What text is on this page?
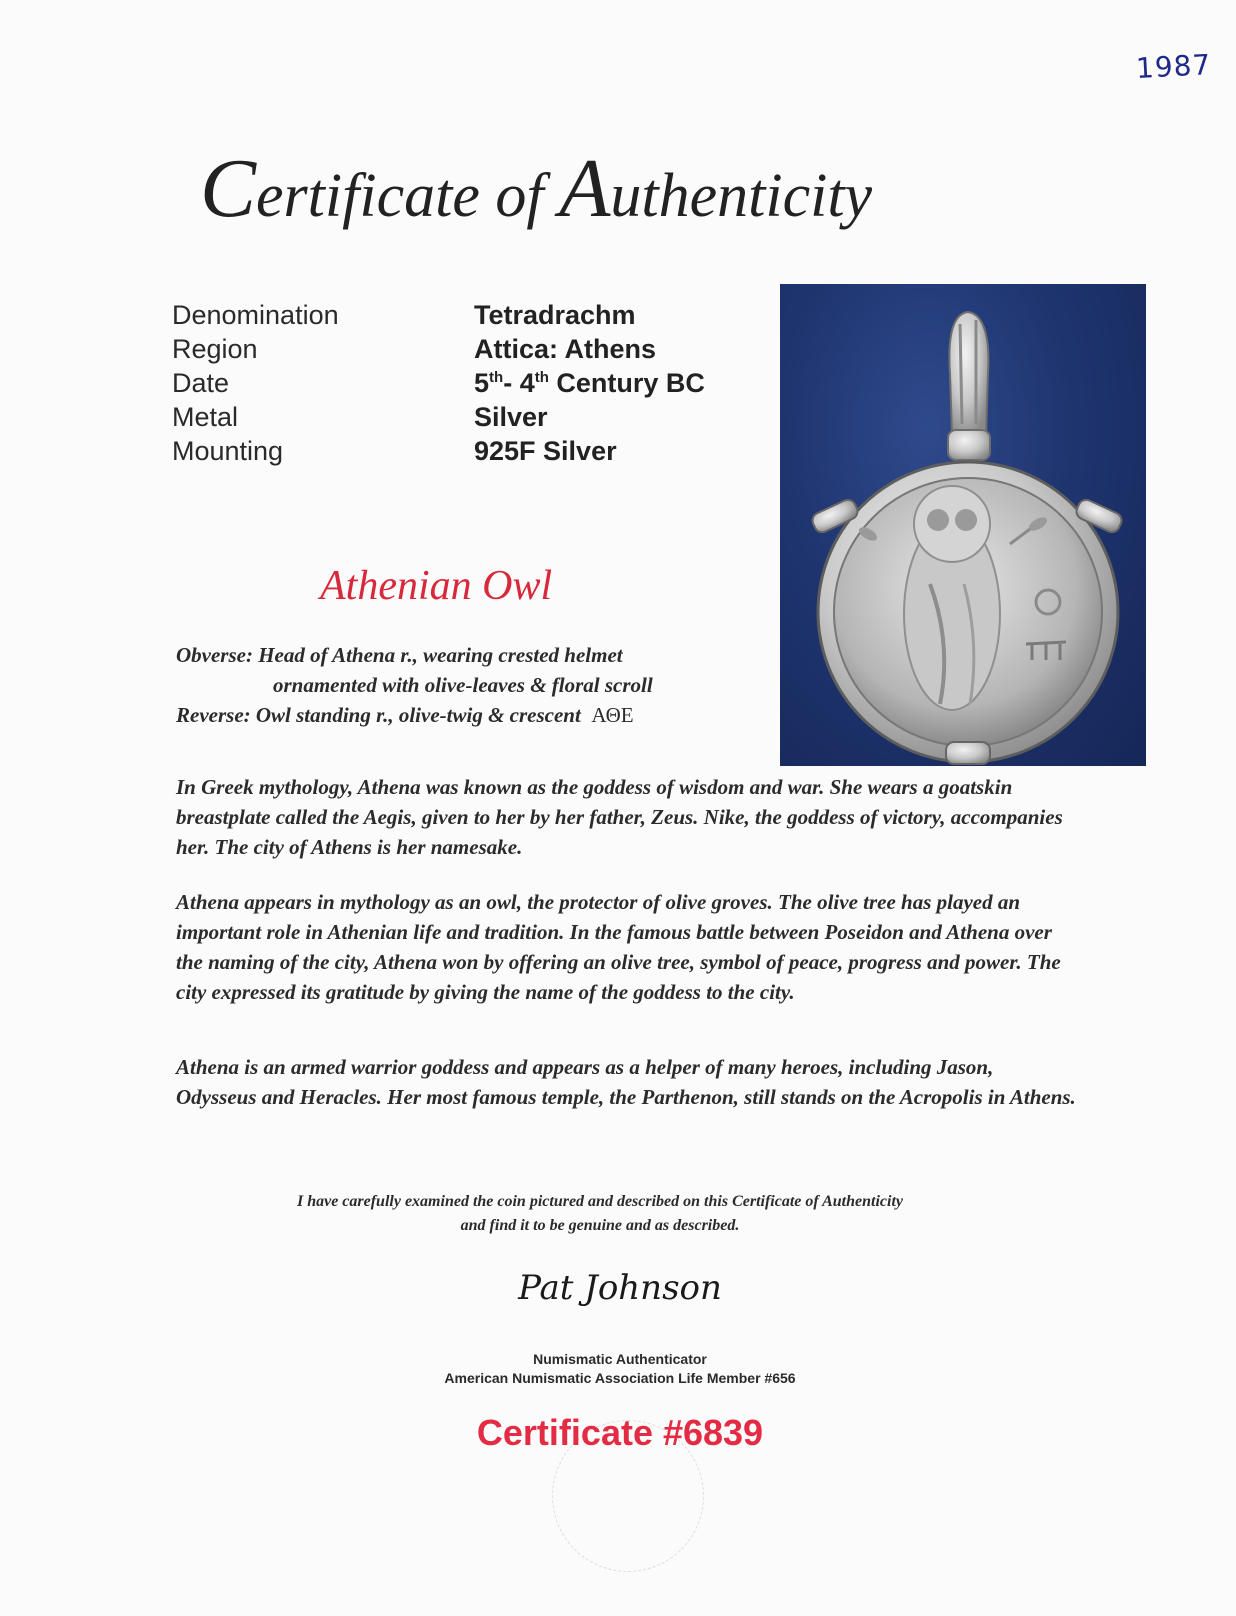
1987
Certificate of Authenticity
Denomination	Tetradrachm
Region	Attica: Athens
Date	5th- 4th Century BC
Metal	Silver
Mounting	925F Silver
Athenian Owl
Obverse: Head of Athena r., wearing crested helmet
ornamented with olive-leaves & floral scroll
Reverse: Owl standing r., olive-twig & crescent ΑΘΕ
In Greek mythology, Athena was known as the goddess of wisdom and war. She wears a goatskin breastplate called the Aegis, given to her by her father, Zeus. Nike, the goddess of victory, accompanies her. The city of Athens is her namesake.
Athena appears in mythology as an owl, the protector of olive groves. The olive tree has played an important role in Athenian life and tradition. In the famous battle between Poseidon and Athena over the naming of the city, Athena won by offering an olive tree, symbol of peace, progress and power. The city expressed its gratitude by giving the name of the goddess to the city.
Athena is an armed warrior goddess and appears as a helper of many heroes, including Jason, Odysseus and Heracles. Her most famous temple, the Parthenon, still stands on the Acropolis in Athens.
I have carefully examined the coin pictured and described on this Certificate of Authenticity
and find it to be genuine and as described.
Pat Johnson
Numismatic Authenticator
American Numismatic Association Life Member #656
Certificate #6839
